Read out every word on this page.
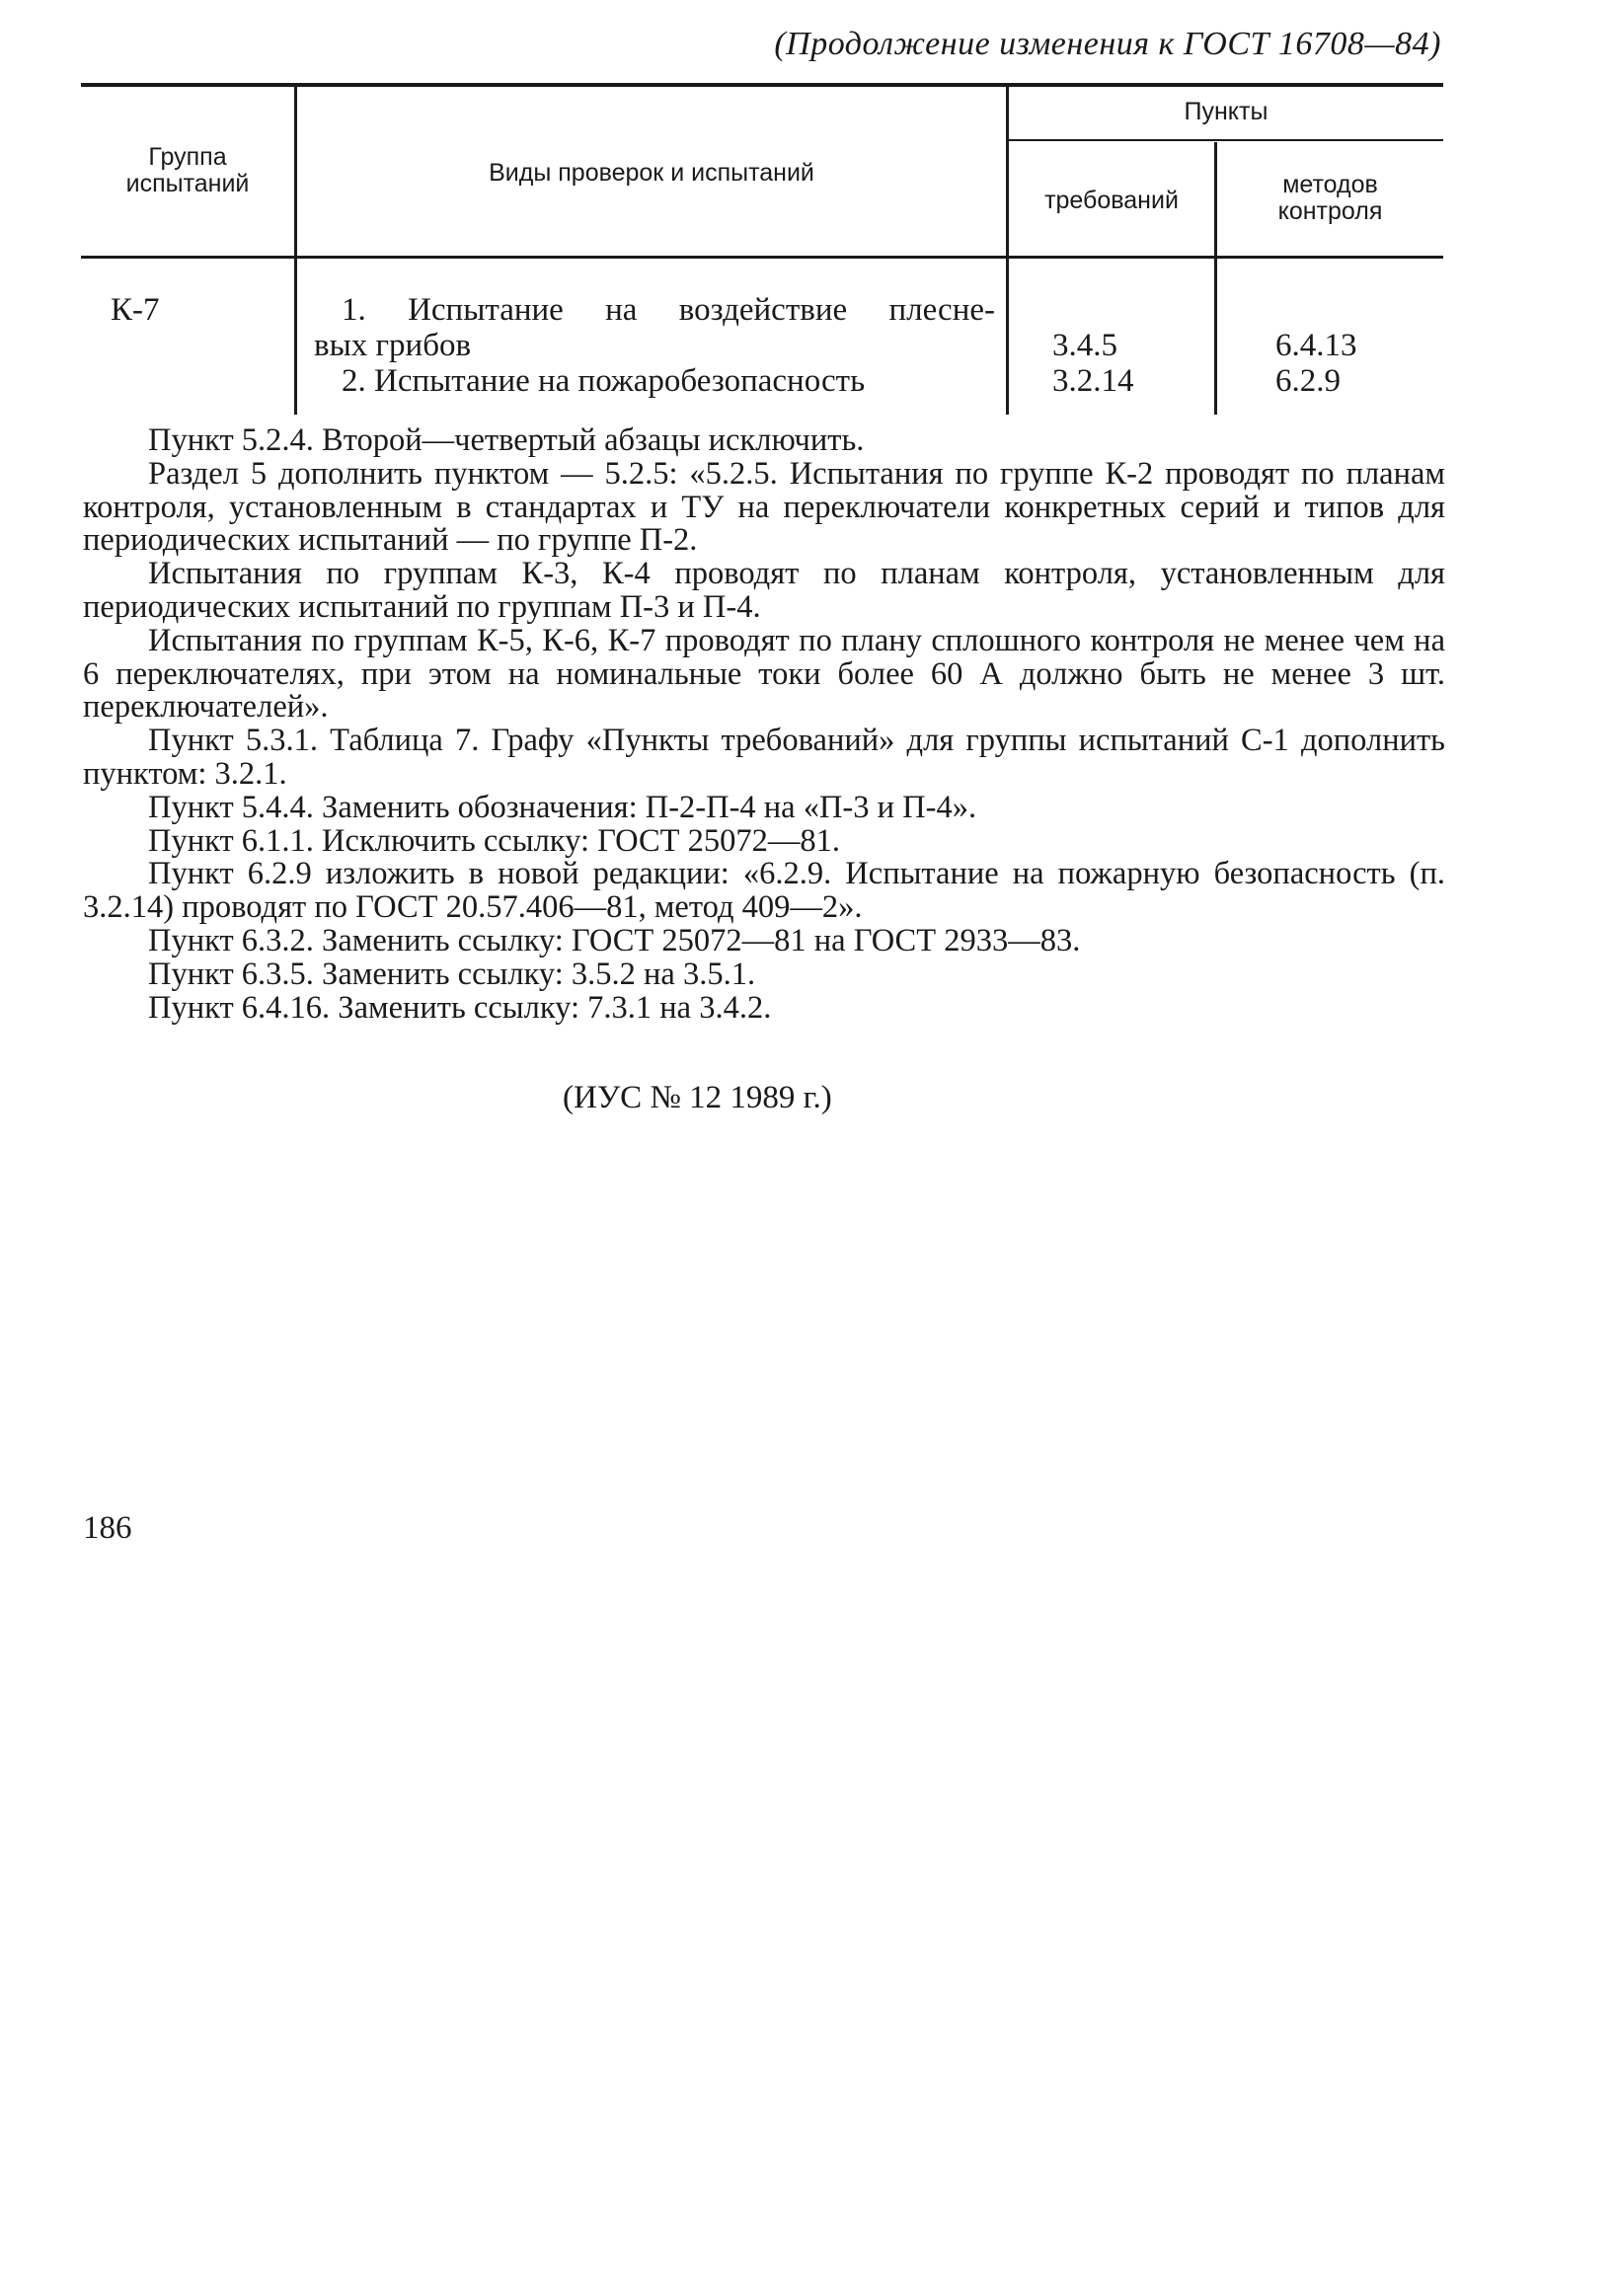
(Продолжение изменения к ГОСТ 16708—84)
Группа
испытаний	Виды проверок и испытаний
Пункты
требований
методов
контроля
К-7	1. Испытание на воздействие плесне-
вых грибов
2. Испытание на пожаробезопасность
3.4.5
3.2.14
6.4.13
6.2.9

Пункт 5.2.4. Второй—четвертый абзацы исключить.

Раздел 5 дополнить пунктом — 5.2.5: «5.2.5. Испытания по группе К-2 проводят по планам контроля, установленным в стандартах и ТУ на переключатели конкретных серий и типов для периодических испытаний — по группе П-2.

Испытания по группам К-3, К-4 проводят по планам контроля, установленным для периодических испытаний по группам П-3 и П-4.

Испытания по группам К-5, К-6, К-7 проводят по плану сплошного контроля не менее чем на 6 переключателях, при этом на номинальные токи более 60 А должно быть не менее 3 шт. переключателей».

Пункт 5.3.1. Таблица 7. Графу «Пункты требований» для группы испытаний С-1 дополнить пунктом: 3.2.1.

Пункт 5.4.4. Заменить обозначения: П-2-П-4 на «П-3 и П-4».

Пункт 6.1.1. Исключить ссылку: ГОСТ 25072—81.

Пункт 6.2.9 изложить в новой редакции: «6.2.9. Испытание на пожарную безопасность (п. 3.2.14) проводят по ГОСТ 20.57.406—81, метод 409—2».

Пункт 6.3.2. Заменить ссылку: ГОСТ 25072—81 на ГОСТ 2933—83.

Пункт 6.3.5. Заменить ссылку: 3.5.2 на 3.5.1.

Пункт 6.4.16. Заменить ссылку: 7.3.1 на 3.4.2.

(ИУС № 12 1989 г.)
186
